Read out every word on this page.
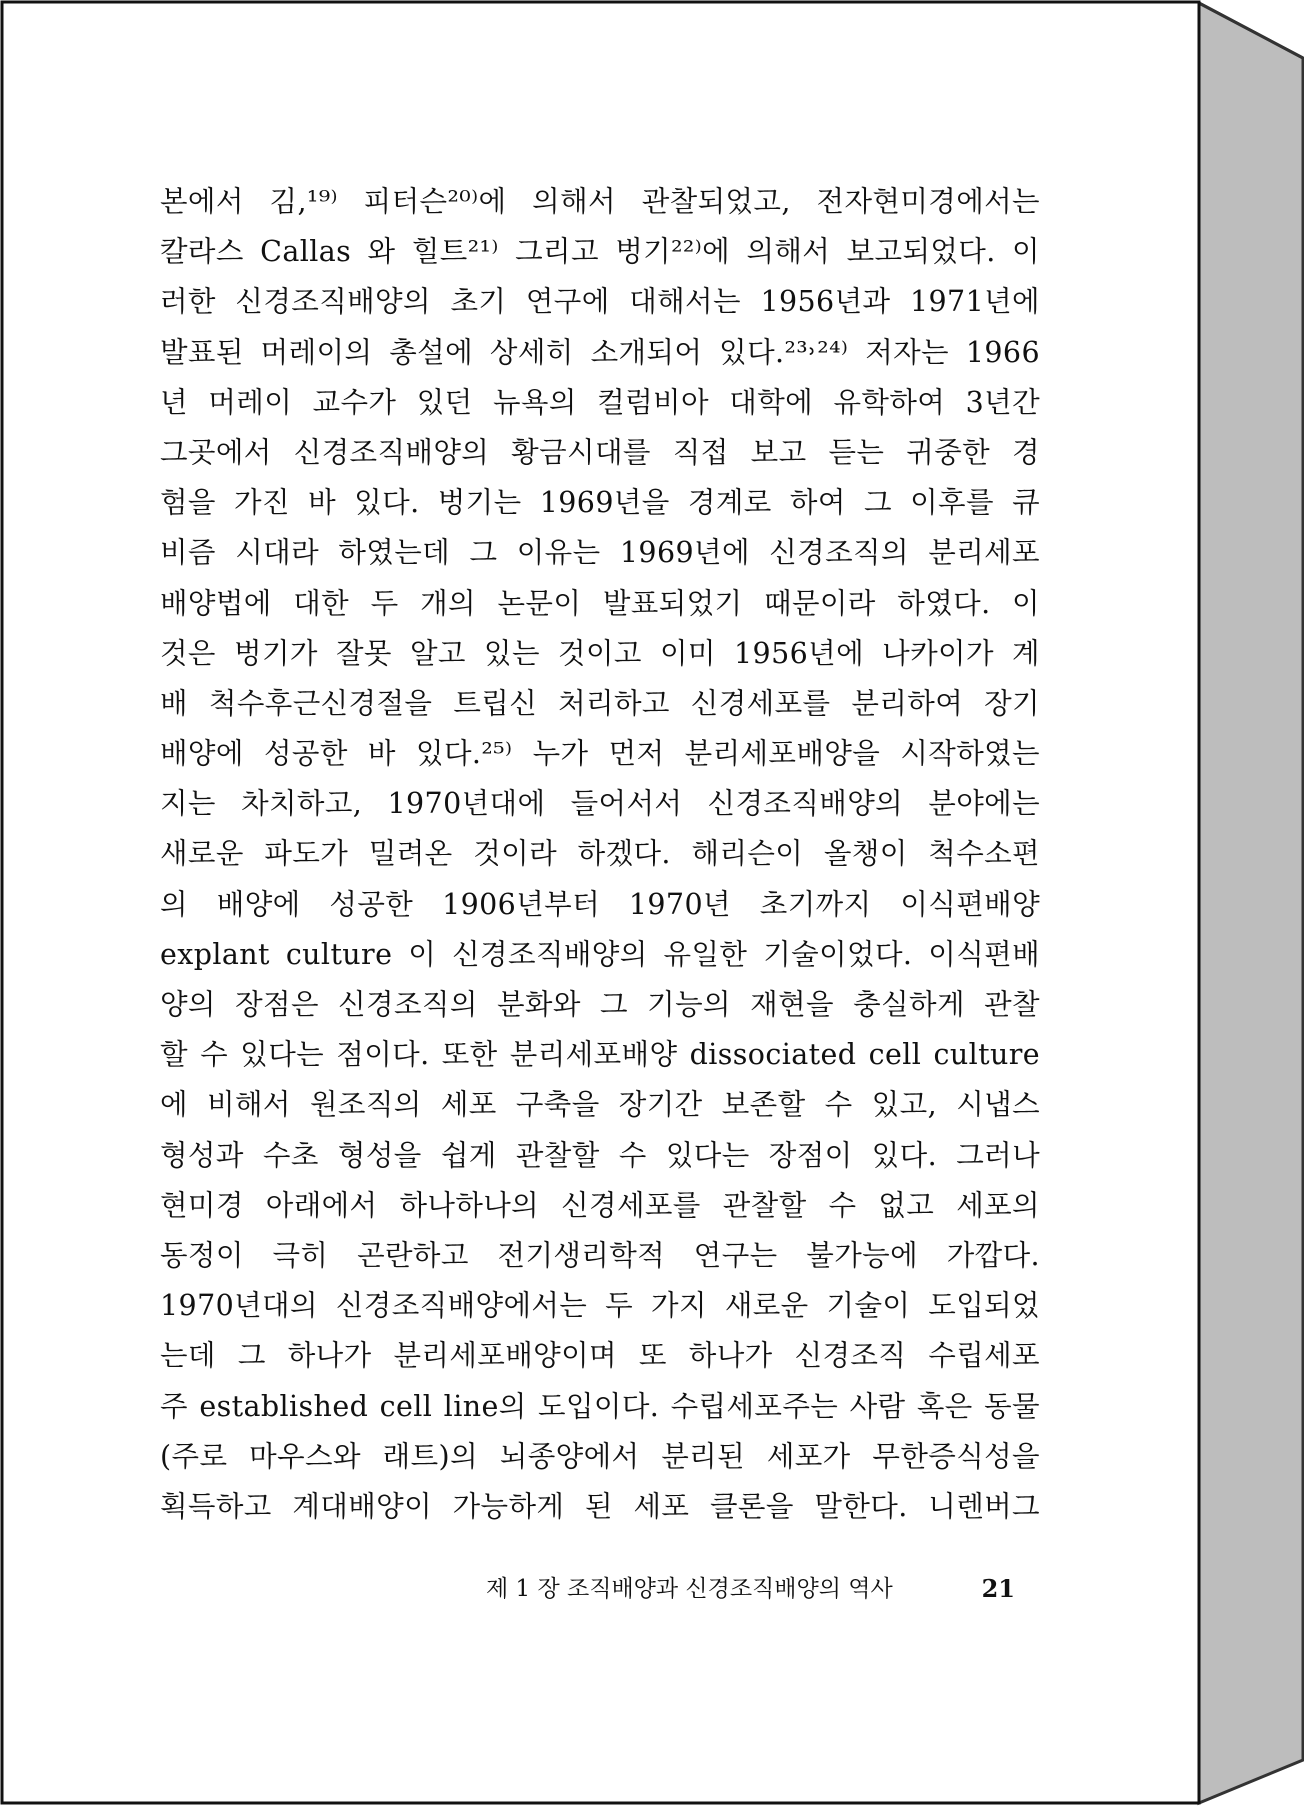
본에서 김,¹⁹⁾ 피터슨²⁰⁾에 의해서 관찰되었고, 전자현미경에서는
칼라스 Callas 와 힐트²¹⁾ 그리고 벙기²²⁾에 의해서 보고되었다. 이
러한 신경조직배양의 초기 연구에 대해서는 1956년과 1971년에
발표된 머레이의 총설에 상세히 소개되어 있다.²³˒²⁴⁾ 저자는 1966
년 머레이 교수가 있던 뉴욕의 컬럼비아 대학에 유학하여 3년간
그곳에서 신경조직배양의 황금시대를 직접 보고 듣는 귀중한 경
험을 가진 바 있다. 벙기는 1969년을 경계로 하여 그 이후를 큐
비즘 시대라 하였는데 그 이유는 1969년에 신경조직의 분리세포
배양법에 대한 두 개의 논문이 발표되었기 때문이라 하였다. 이
것은 벙기가 잘못 알고 있는 것이고 이미 1956년에 나카이가 계
배 척수후근신경절을 트립신 처리하고 신경세포를 분리하여 장기
배양에 성공한 바 있다.²⁵⁾ 누가 먼저 분리세포배양을 시작하였는
지는 차치하고, 1970년대에 들어서서 신경조직배양의 분야에는
새로운 파도가 밀려온 것이라 하겠다. 해리슨이 올챙이 척수소편
의 배양에 성공한 1906년부터 1970년 초기까지 이식편배양
explant culture 이 신경조직배양의 유일한 기술이었다. 이식편배
양의 장점은 신경조직의 분화와 그 기능의 재현을 충실하게 관찰
할 수 있다는 점이다. 또한 분리세포배양 dissociated cell culture
에 비해서 원조직의 세포 구축을 장기간 보존할 수 있고, 시냅스
형성과 수초 형성을 쉽게 관찰할 수 있다는 장점이 있다. 그러나
현미경 아래에서 하나하나의 신경세포를 관찰할 수 없고 세포의
동정이 극히 곤란하고 전기생리학적 연구는 불가능에 가깝다.
1970년대의 신경조직배양에서는 두 가지 새로운 기술이 도입되었
는데 그 하나가 분리세포배양이며 또 하나가 신경조직 수립세포
주 established cell line의 도입이다. 수립세포주는 사람 혹은 동물
(주로 마우스와 래트)의 뇌종양에서 분리된 세포가 무한증식성을
획득하고 계대배양이 가능하게 된 세포 클론을 말한다. 니렌버그
제 1 장 조직배양과 신경조직배양의 역사	21
